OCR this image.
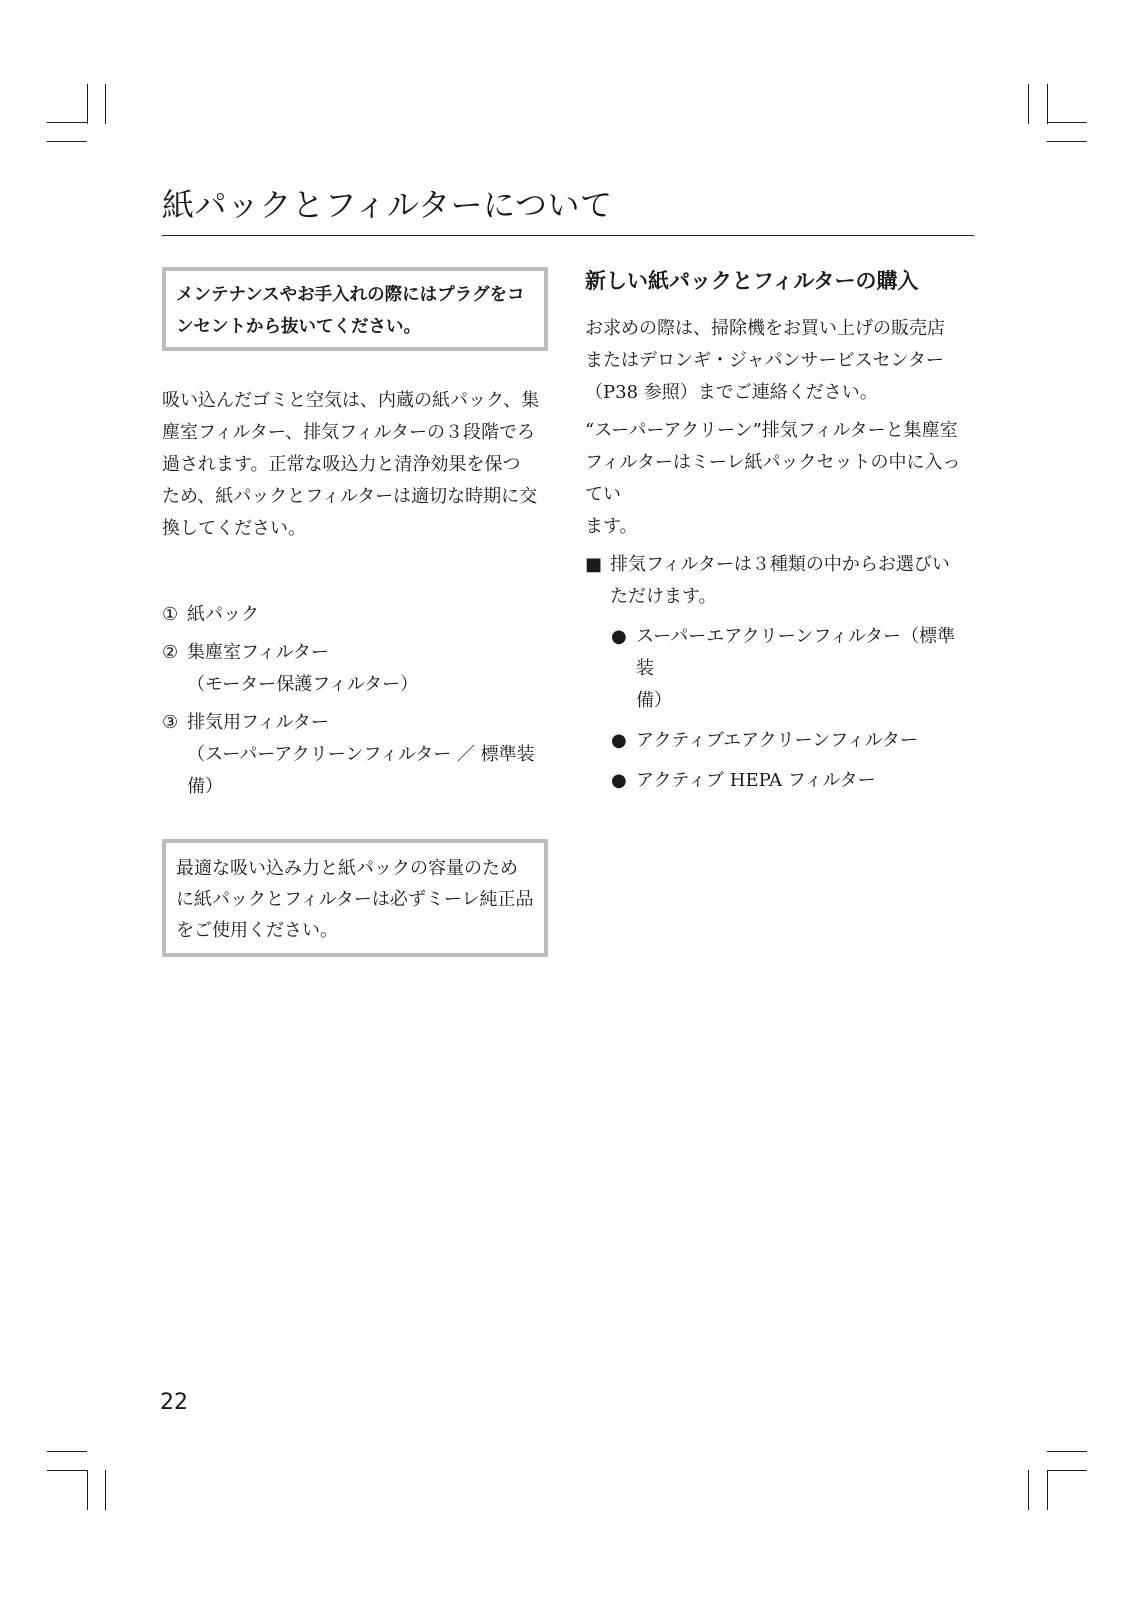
紙パックとフィルターについて
メンテナンスやお手入れの際にはプラグをコンセントから抜いてください。
吸い込んだゴミと空気は、内蔵の紙パック、集
塵室フィルター、排気フィルターの３段階でろ
過されます。正常な吸込力と清浄効果を保つ
ため、紙パックとフィルターは適切な時期に交
換してください。
① 紙パック
② 集塵室フィルター
（モーター保護フィルター）
③ 排気用フィルター
（スーパーアクリーンフィルター ／ 標準装
備）
最適な吸い込み力と紙パックの容量のため
に紙パックとフィルターは必ずミーレ純正品
をご使用ください。
新しい紙パックとフィルターの購入
お求めの際は、掃除機をお買い上げの販売店
またはデロンギ・ジャパンサービスセンター
（P38 参照）までご連絡ください。
“スーパーアクリーン”排気フィルターと集塵室
フィルターはミーレ紙パックセットの中に入ってい
ます。
■ 排気フィルターは３種類の中からお選びい
ただけます。
● スーパーエアクリーンフィルター（標準装
備）
● アクティブエアクリーンフィルター
● アクティブ HEPA フィルター
22
